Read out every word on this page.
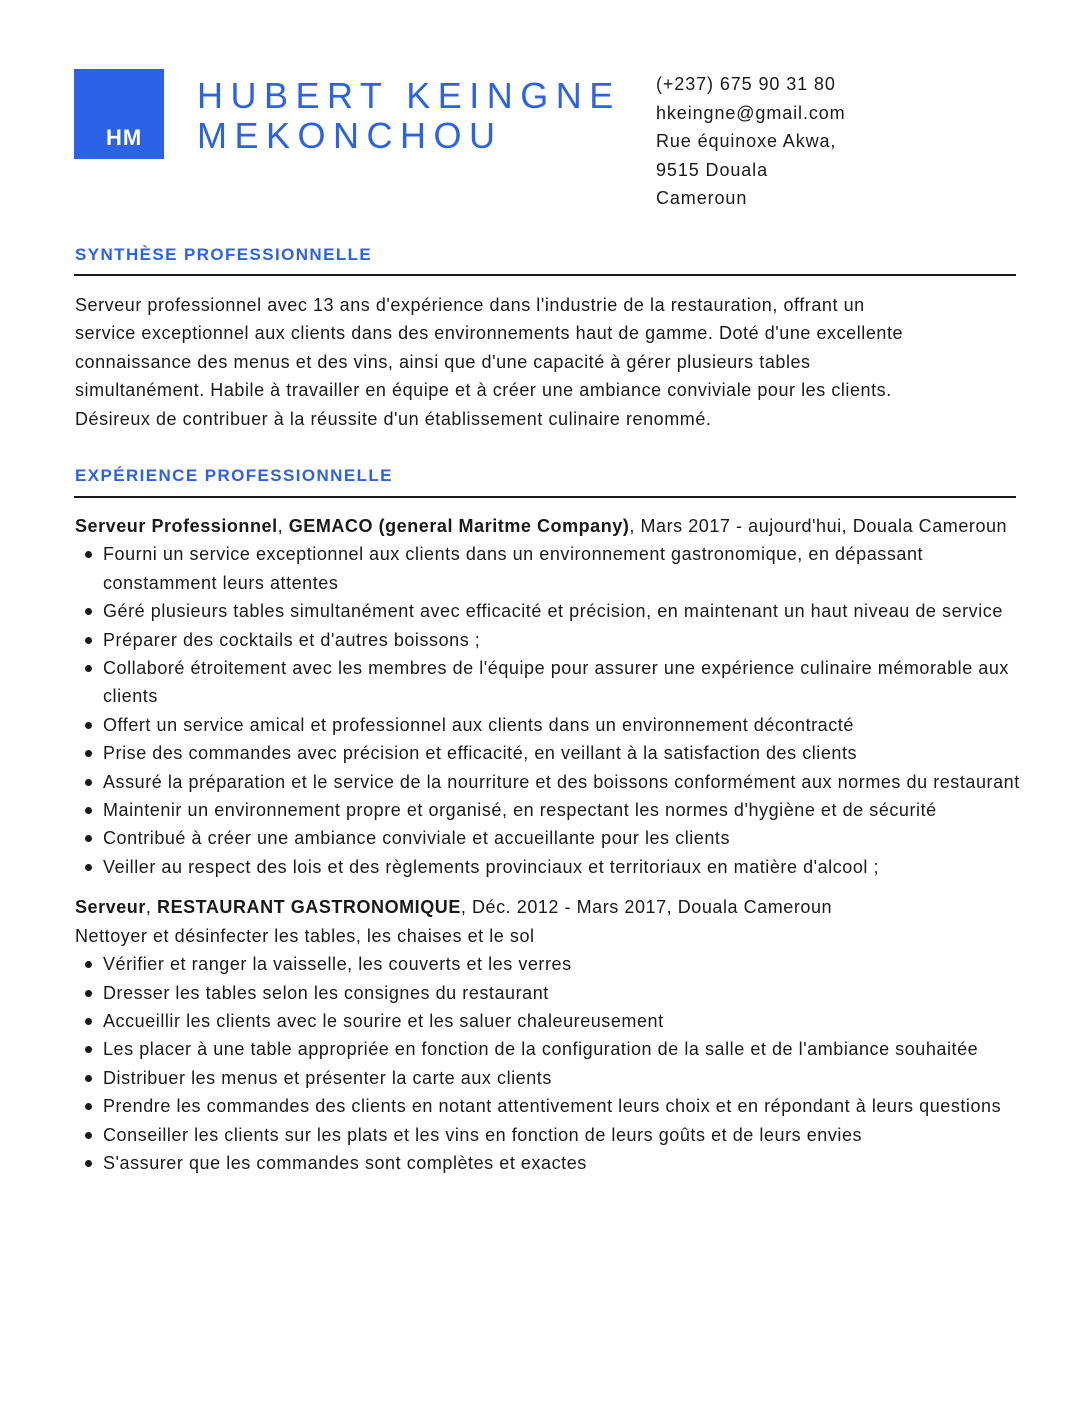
HM
HUBERT KEINGNE
MEKONCHOU
(+237) 675 90 31 80
hkeingne@gmail.com
Rue équinoxe Akwa,
9515 Douala
Cameroun
SYNTHÈSE PROFESSIONNELLE

Serveur professionnel avec 13 ans d'expérience dans l'industrie de la restauration, offrant un

service exceptionnel aux clients dans des environnements haut de gamme. Doté d'une excellente

connaissance des menus et des vins, ainsi que d'une capacité à gérer plusieurs tables

simultanément. Habile à travailler en équipe et à créer une ambiance conviviale pour les clients.

Désireux de contribuer à la réussite d'un établissement culinaire renommé.

EXPÉRIENCE PROFESSIONNELLE

Serveur Professionnel, GEMACO (general Maritme Company), Mars 2017 - aujourd'hui, Douala Cameroun

Fourni un service exceptionnel aux clients dans un environnement gastronomique, en dépassant constamment leurs attentes
Géré plusieurs tables simultanément avec efficacité et précision, en maintenant un haut niveau de service
Préparer des cocktails et d'autres boissons ;
Collaboré étroitement avec les membres de l'équipe pour assurer une expérience culinaire mémorable aux clients
Offert un service amical et professionnel aux clients dans un environnement décontracté
Prise des commandes avec précision et efficacité, en veillant à la satisfaction des clients
Assuré la préparation et le service de la nourriture et des boissons conformément aux normes du restaurant
Maintenir un environnement propre et organisé, en respectant les normes d'hygiène et de sécurité
Contribué à créer une ambiance conviviale et accueillante pour les clients
Veiller au respect des lois et des règlements provinciaux et territoriaux en matière d'alcool ;

Serveur, RESTAURANT GASTRONOMIQUE, Déc. 2012 - Mars 2017, Douala Cameroun

Nettoyer et désinfecter les tables, les chaises et le sol

Vérifier et ranger la vaisselle, les couverts et les verres
Dresser les tables selon les consignes du restaurant
Accueillir les clients avec le sourire et les saluer chaleureusement
Les placer à une table appropriée en fonction de la configuration de la salle et de l'ambiance souhaitée
Distribuer les menus et présenter la carte aux clients
Prendre les commandes des clients en notant attentivement leurs choix et en répondant à leurs questions
Conseiller les clients sur les plats et les vins en fonction de leurs goûts et de leurs envies
S'assurer que les commandes sont complètes et exactes
